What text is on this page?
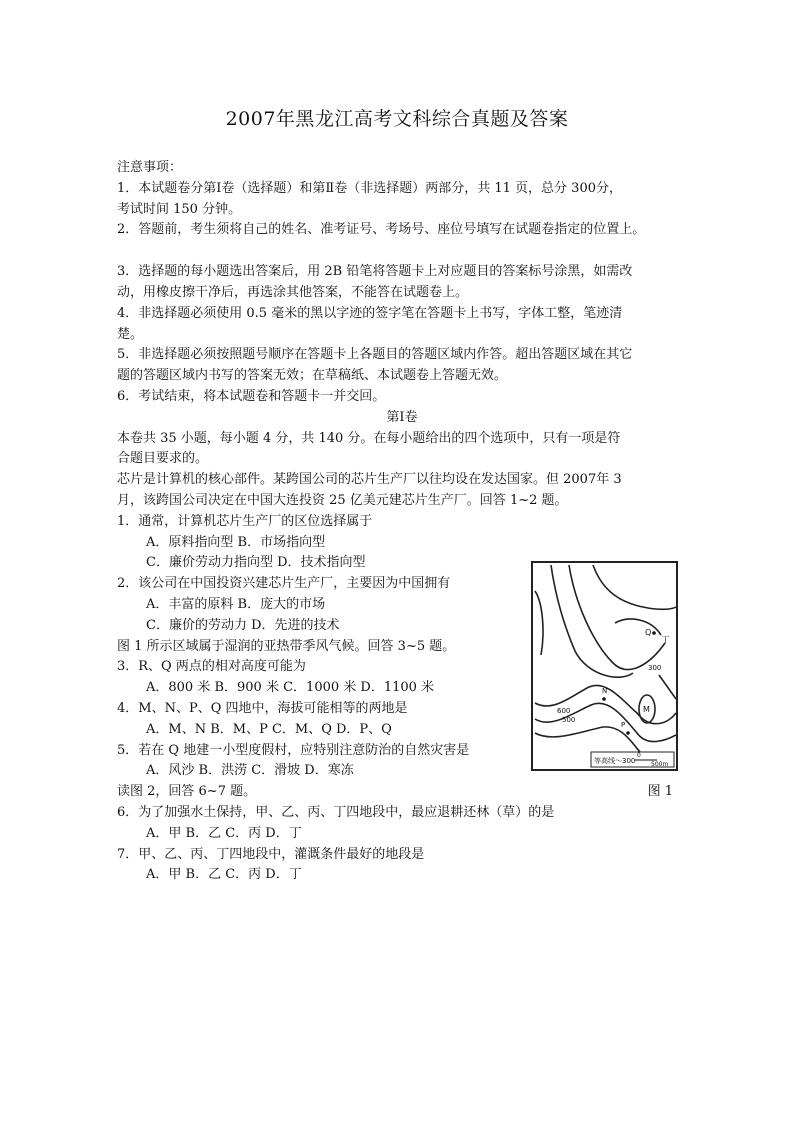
2007年黑龙江高考文科综合真题及答案

注意事项：

1．本试题卷分第Ⅰ卷（选择题）和第Ⅱ卷（非选择题）两部分，共 11 页，总分 300分，

考试时间 150 分钟。

2．答题前，考生须将自己的姓名、准考证号、考场号、座位号填写在试题卷指定的位置上。

3．选择题的每小题选出答案后，用 2B 铅笔将答题卡上对应题目的答案标号涂黑，如需改

动，用橡皮擦干净后，再选涂其他答案，不能答在试题卷上。

4．非选择题必须使用 0.5 毫米的黑以字迹的签字笔在答题卡上书写，字体工整，笔迹清

楚。

5．非选择题必须按照题号顺序在答题卡上各题目的答题区域内作答。超出答题区域在其它

题的答题区域内书写的答案无效；在草稿纸、本试题卷上答题无效。

6．考试结束，将本试题卷和答题卡一并交回。

第Ⅰ卷

本卷共 35 小题，每小题 4 分，共 140 分。在每小题给出的四个选项中，只有一项是符

合题目要求的。

芯片是计算机的核心部件。某跨国公司的芯片生产厂以往均设在发达国家。但 2007年 3

月，该跨国公司决定在中国大连投资 25 亿美元建芯片生产厂。回答 1~2 题。

1．通常，计算机芯片生产厂的区位选择属于

A．原料指向型 B．市场指向型

C．廉价劳动力指向型 D．技术指向型

2．该公司在中国投资兴建芯片生产厂，主要因为中国拥有

A．丰富的原料 B．庞大的市场

C．廉价的劳动力 D．先进的技术

图 1 所示区域属于湿润的亚热带季风气候。回答 3~5 题。

3．R、Q 两点的相对高度可能为

A．800 米 B．900 米 C．1000 米 D．1100 米

4．M、N、P、Q 四地中，海拔可能相等的两地是

A．M、N B．M、P C．M、Q D．P、Q

5．若在 Q 地建一小型度假村，应特别注意防治的自然灾害是

A．风沙 B．洪涝 C．滑坡 D．寒冻

读图 2，回答 6~7 题。	图 1

6．为了加强水土保持，甲、乙、丙、丁四地段中，最应退耕还林（草）的是

A．甲 B．乙 C．丙 D．丁

7．甲、乙、丙、丁四地段中，灌溉条件最好的地段是

A．甲 B．乙 C．丙 D．丁

Q
丁
300
N
600
500
M
P
等高线～300
0
500m
